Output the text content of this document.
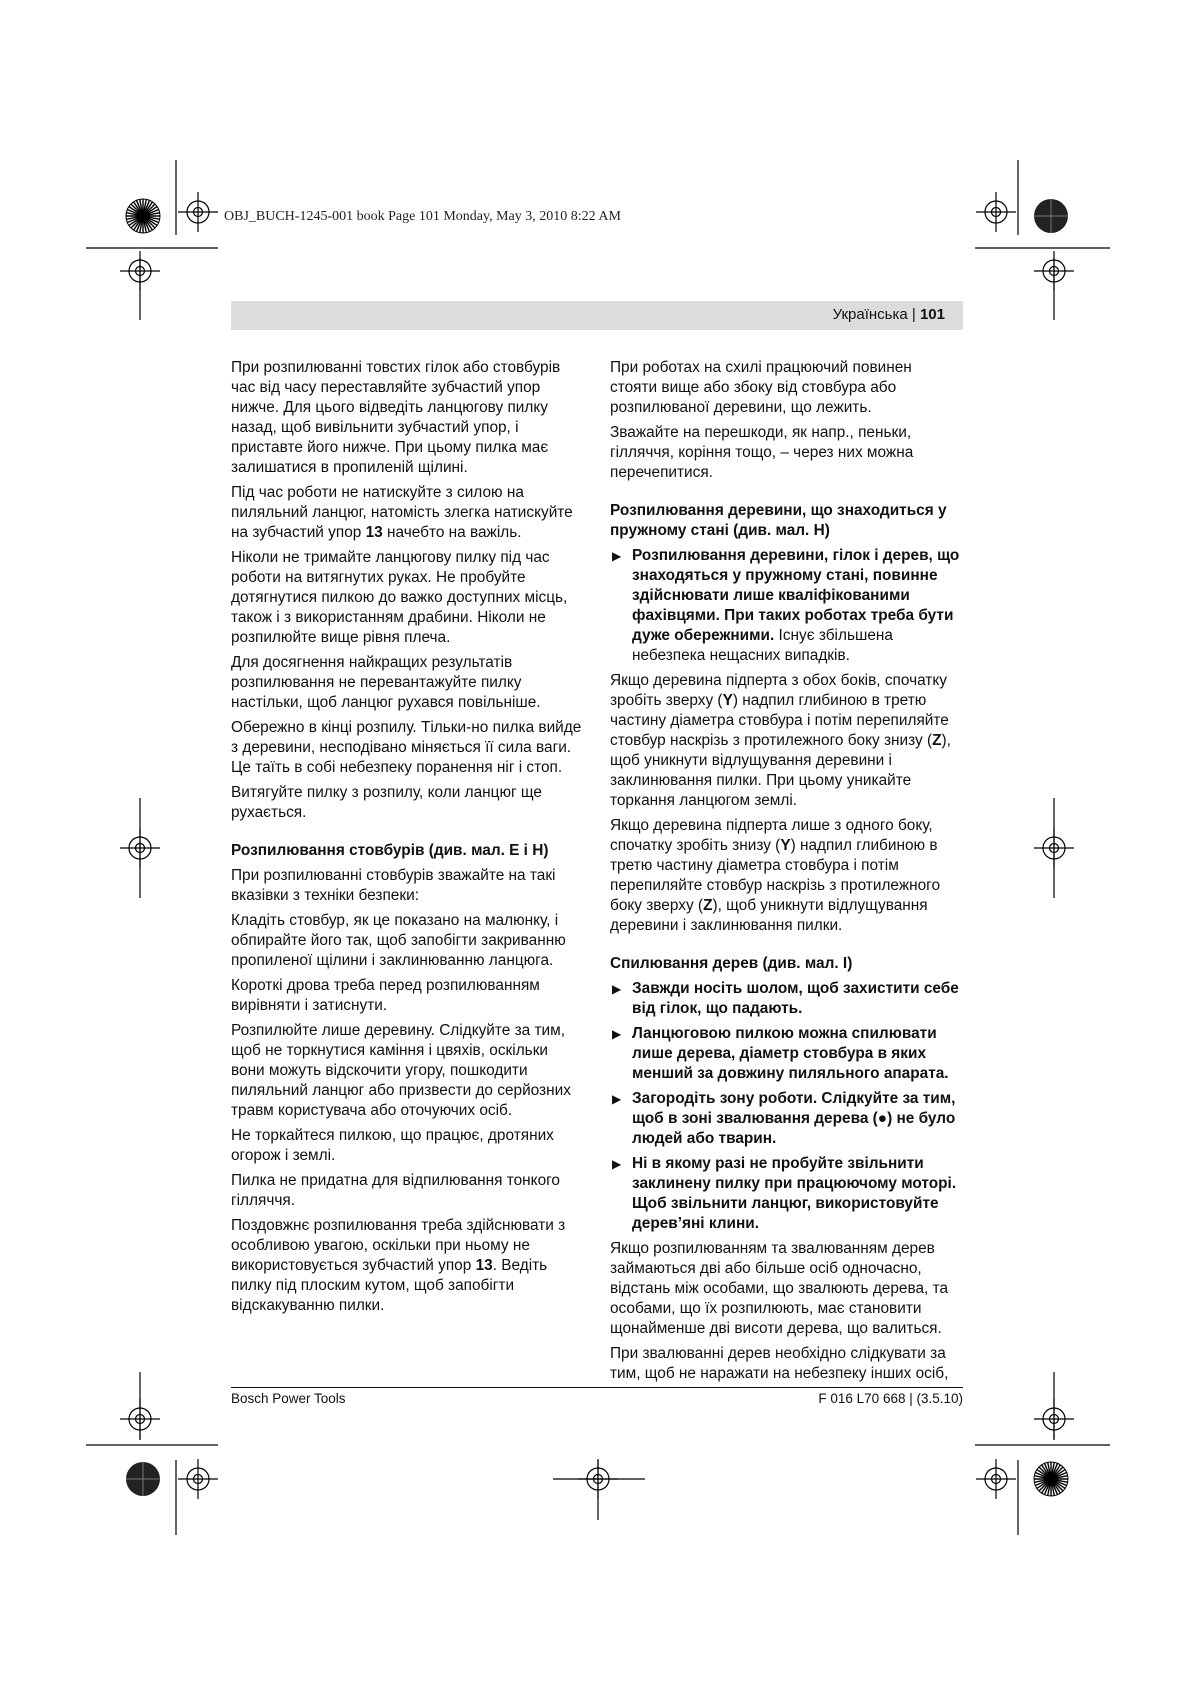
OBJ_BUCH-1245-001 book Page 101 Monday, May 3, 2010 8:22 AM
Українська | 101

При розпилюванні товстих гілок або стовбурів час від часу переставляйте зубчастий упор нижче. Для цього відведіть ланцюгову пилку назад, щоб вивільнити зубчастий упор, і приставте його нижче. При цьому пилка має залишатися в пропиленій щілині.

Під час роботи не натискуйте з силою на пиляльний ланцюг, натомість злегка натискуйте на зубчастий упор 13 начебто на важіль.

Ніколи не тримайте ланцюгову пилку під час роботи на витягнутих руках. Не пробуйте дотягнутися пилкою до важко доступних місць, також і з використанням драбини. Ніколи не розпилюйте вище рівня плеча.

Для досягнення найкращих результатів розпилювання не перевантажуйте пилку настільки, щоб ланцюг рухався повільніше.

Обережно в кінці розпилу. Тільки-но пилка вийде з деревини, несподівано міняється її сила ваги. Це таїть в собі небезпеку поранення ніг і стоп.

Витягуйте пилку з розпилу, коли ланцюг ще рухається.

Розпилювання стовбурів (див. мал. E і H)

При розпилюванні стовбурів зважайте на такі вказівки з техніки безпеки:

Кладіть стовбур, як це показано на малюнку, і обпирайте його так, щоб запобігти закриванню пропиленої щілини і заклинюванню ланцюга.

Короткі дрова треба перед розпилюванням вирівняти і затиснути.

Розпилюйте лише деревину. Слідкуйте за тим, щоб не торкнутися каміння і цвяхів, оскільки вони можуть відскочити угору, пошкодити пиляльний ланцюг або призвести до серйозних травм користувача або оточуючих осіб.

Не торкайтеся пилкою, що працює, дротяних огорож і землі.

Пилка не придатна для відпилювання тонкого гілляччя.

Поздовжнє розпилювання треба здійснювати з особливою увагою, оскільки при ньому не використовується зубчастий упор 13. Ведіть пилку під плоским кутом, щоб запобігти відскакуванню пилки.

При роботах на схилі працюючий повинен стояти вище або збоку від стовбура або розпилюваної деревини, що лежить.

Зважайте на перешкоди, як напр., пеньки, гілляччя, коріння тощо, – через них можна перечепитися.

Розпилювання деревини, що знаходиться у пружному стані (див. мал. H)
▶ Розпилювання деревини, гілок і дерев, що знаходяться у пружному стані, повинне здійснювати лише кваліфікованими фахівцями. При таких роботах треба бути дуже обережними. Існує збільшена небезпека нещасних випадків.

Якщо деревина підперта з обох боків, спочатку зробіть зверху (Y) надпил глибиною в третю частину діаметра стовбура і потім перепиляйте стовбур наскрізь з протилежного боку знизу (Z), щоб уникнути відлущування деревини і заклинювання пилки. При цьому уникайте торкання ланцюгом землі.

Якщо деревина підперта лише з одного боку, спочатку зробіть знизу (Y) надпил глибиною в третю частину діаметра стовбура і потім перепиляйте стовбур наскрізь з протилежного боку зверху (Z), щоб уникнути відлущування деревини і заклинювання пилки.

Спилювання дерев (див. мал. I)
▶ Завжди носіть шолом, щоб захистити себе від гілок, що падають.
▶ Ланцюговою пилкою можна спилювати лише дерева, діаметр стовбура в яких менший за довжину пиляльного апарата.
▶ Загородіть зону роботи. Слідкуйте за тим, щоб в зоні звалювання дерева (●) не було людей або тварин.
▶ Ні в якому разі не пробуйте звільнити заклинену пилку при працюючому моторі. Щоб звільнити ланцюг, використовуйте дерев’яні клини.

Якщо розпилюванням та звалюванням дерев займаються дві або більше осіб одночасно, відстань між особами, що звалюють дерева, та особами, що їх розпилюють, має становити щонайменше дві висоти дерева, що валиться.

При звалюванні дерев необхідно слідкувати за тим, щоб не наражати на небезпеку інших осіб,

Bosch Power Tools	F 016 L70 668 | (3.5.10)
